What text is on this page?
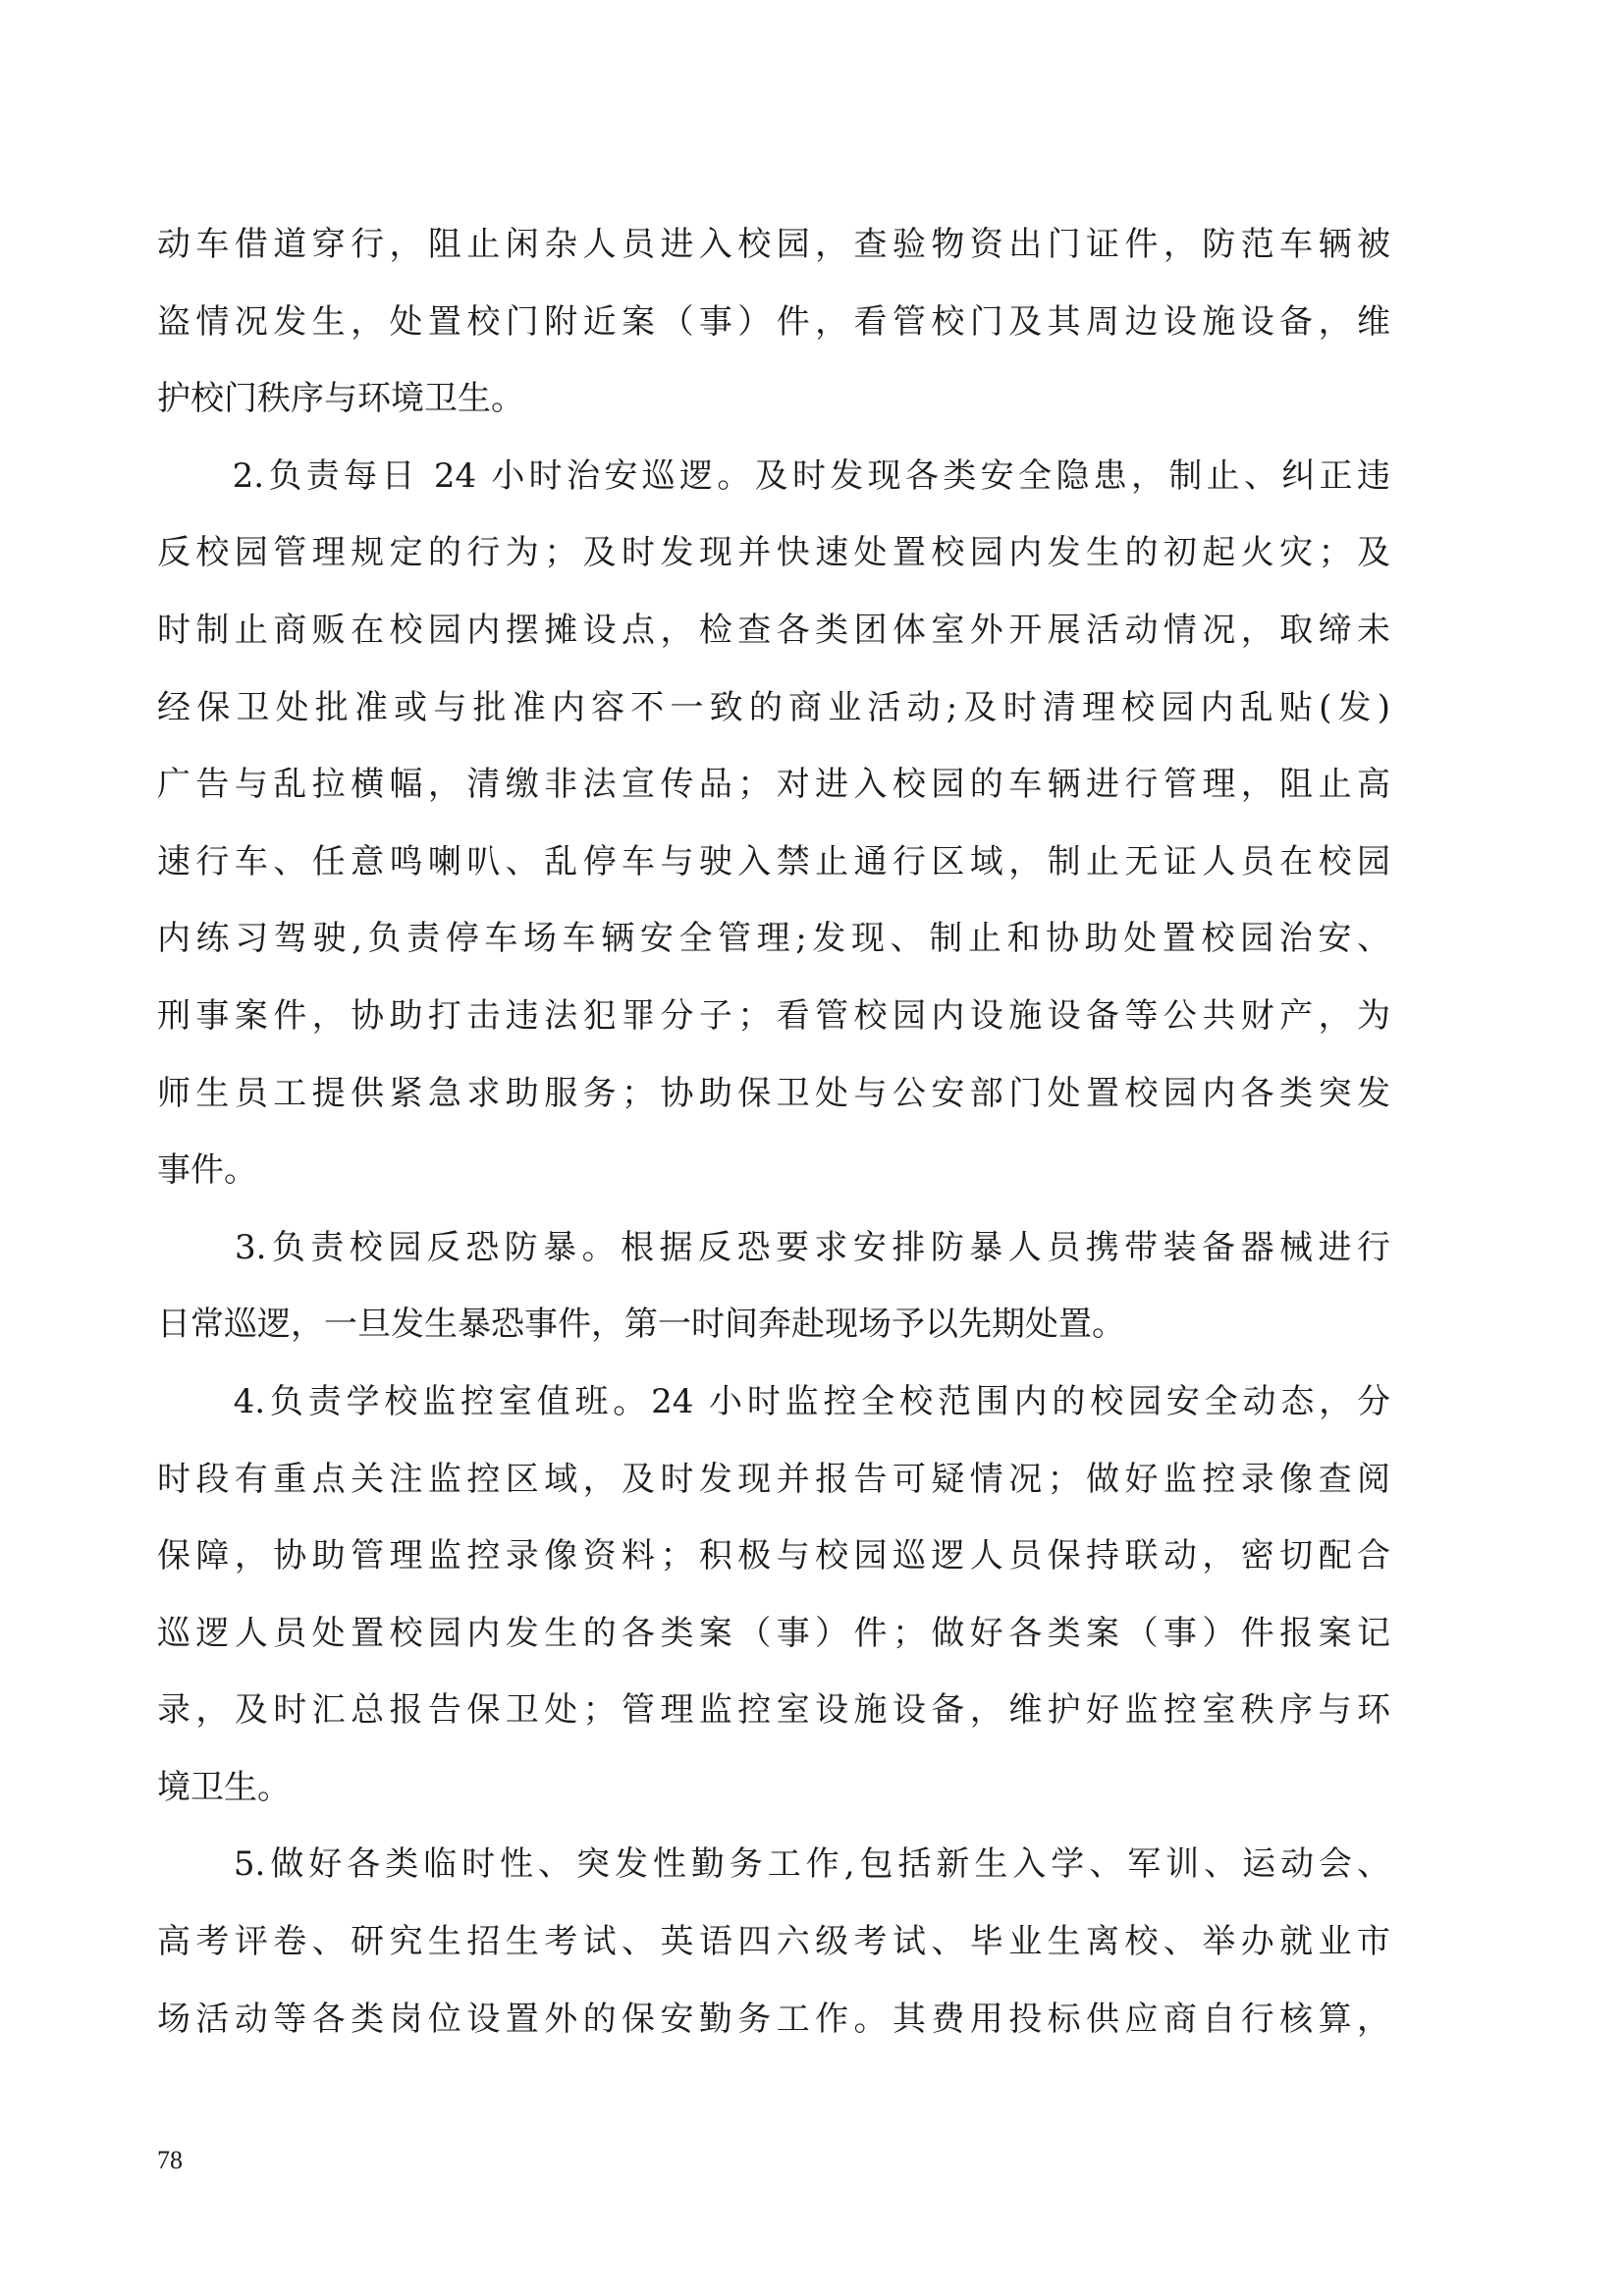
动车借道穿行，阻止闲杂人员进入校园，查验物资出门证件，防范车辆被
盗情况发生，处置校门附近案（事）件，看管校门及其周边设施设备，维
护校门秩序与环境卫生。
　　2.负责每日 24 小时治安巡逻。及时发现各类安全隐患，制止、纠正违
反校园管理规定的行为；及时发现并快速处置校园内发生的初起火灾；及
时制止商贩在校园内摆摊设点，检查各类团体室外开展活动情况，取缔未
经保卫处批准或与批准内容不一致的商业活动;及时清理校园内乱贴(发)
广告与乱拉横幅，清缴非法宣传品；对进入校园的车辆进行管理，阻止高
速行车、任意鸣喇叭、乱停车与驶入禁止通行区域，制止无证人员在校园
内练习驾驶,负责停车场车辆安全管理;发现、制止和协助处置校园治安、
刑事案件，协助打击违法犯罪分子；看管校园内设施设备等公共财产，为
师生员工提供紧急求助服务；协助保卫处与公安部门处置校园内各类突发
事件。
　　3.负责校园反恐防暴。根据反恐要求安排防暴人员携带装备器械进行
日常巡逻，一旦发生暴恐事件，第一时间奔赴现场予以先期处置。
　　4.负责学校监控室值班。24 小时监控全校范围内的校园安全动态，分
时段有重点关注监控区域，及时发现并报告可疑情况；做好监控录像查阅
保障，协助管理监控录像资料；积极与校园巡逻人员保持联动，密切配合
巡逻人员处置校园内发生的各类案（事）件；做好各类案（事）件报案记
录，及时汇总报告保卫处；管理监控室设施设备，维护好监控室秩序与环
境卫生。
　　5.做好各类临时性、突发性勤务工作,包括新生入学、军训、运动会、
高考评卷、研究生招生考试、英语四六级考试、毕业生离校、举办就业市
场活动等各类岗位设置外的保安勤务工作。其费用投标供应商自行核算，
78
